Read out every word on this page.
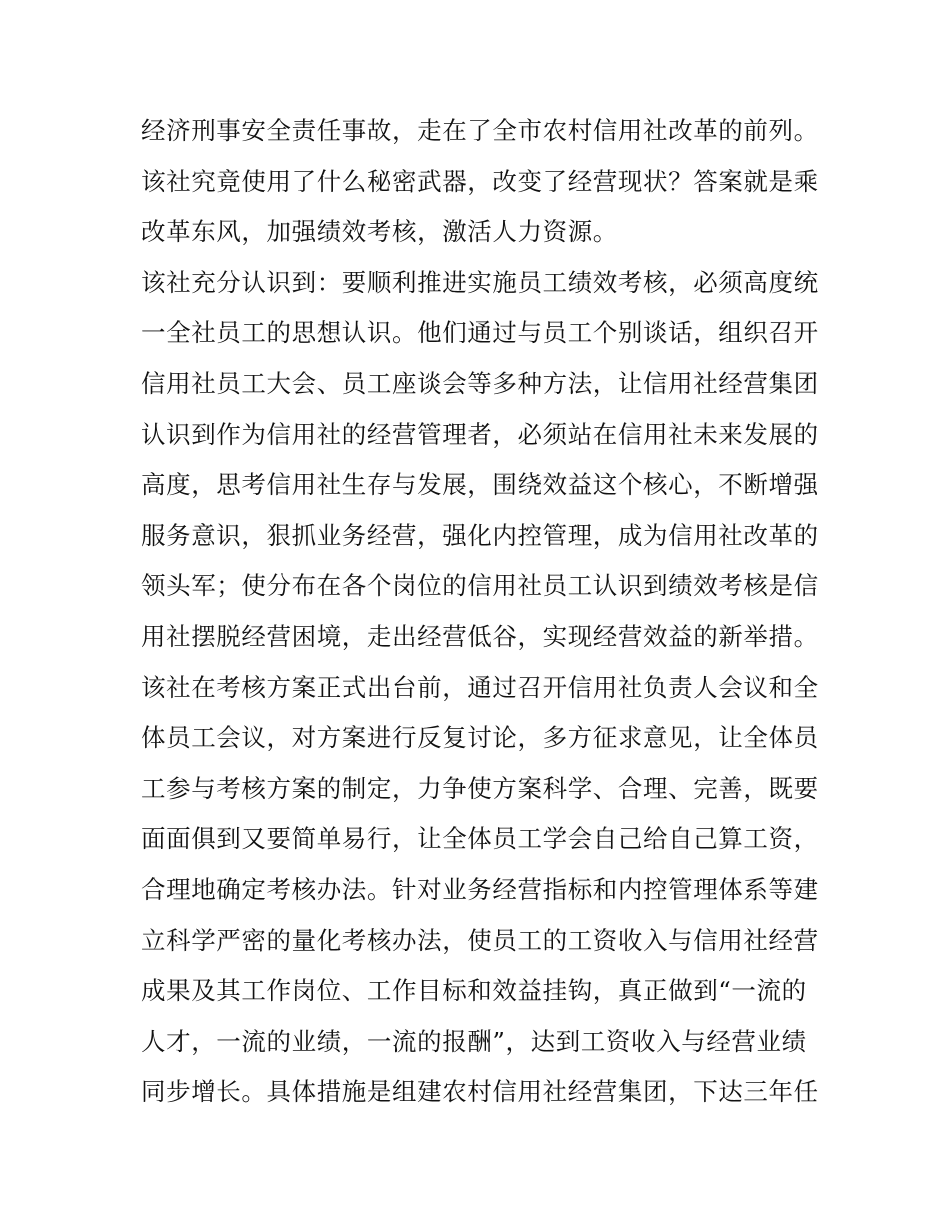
经济刑事安全责任事故，走在了全市农村信用社改革的前列。
该社究竟使用了什么秘密武器，改变了经营现状？答案就是乘
改革东风，加强绩效考核，激活人力资源。
该社充分认识到：要顺利推进实施员工绩效考核，必须高度统
一全社员工的思想认识。他们通过与员工个别谈话，组织召开
信用社员工大会、员工座谈会等多种方法，让信用社经营集团
认识到作为信用社的经营管理者，必须站在信用社未来发展的
高度，思考信用社生存与发展，围绕效益这个核心，不断增强
服务意识，狠抓业务经营，强化内控管理，成为信用社改革的
领头军；使分布在各个岗位的信用社员工认识到绩效考核是信
用社摆脱经营困境，走出经营低谷，实现经营效益的新举措。
该社在考核方案正式出台前，通过召开信用社负责人会议和全
体员工会议，对方案进行反复讨论，多方征求意见，让全体员
工参与考核方案的制定，力争使方案科学、合理、完善，既要
面面俱到又要简单易行，让全体员工学会自己给自己算工资，
合理地确定考核办法。针对业务经营指标和内控管理体系等建
立科学严密的量化考核办法，使员工的工资收入与信用社经营
成果及其工作岗位、工作目标和效益挂钩，真正做到“一流的
人才，一流的业绩，一流的报酬”，达到工资收入与经营业绩
同步增长。具体措施是组建农村信用社经营集团，下达三年任
